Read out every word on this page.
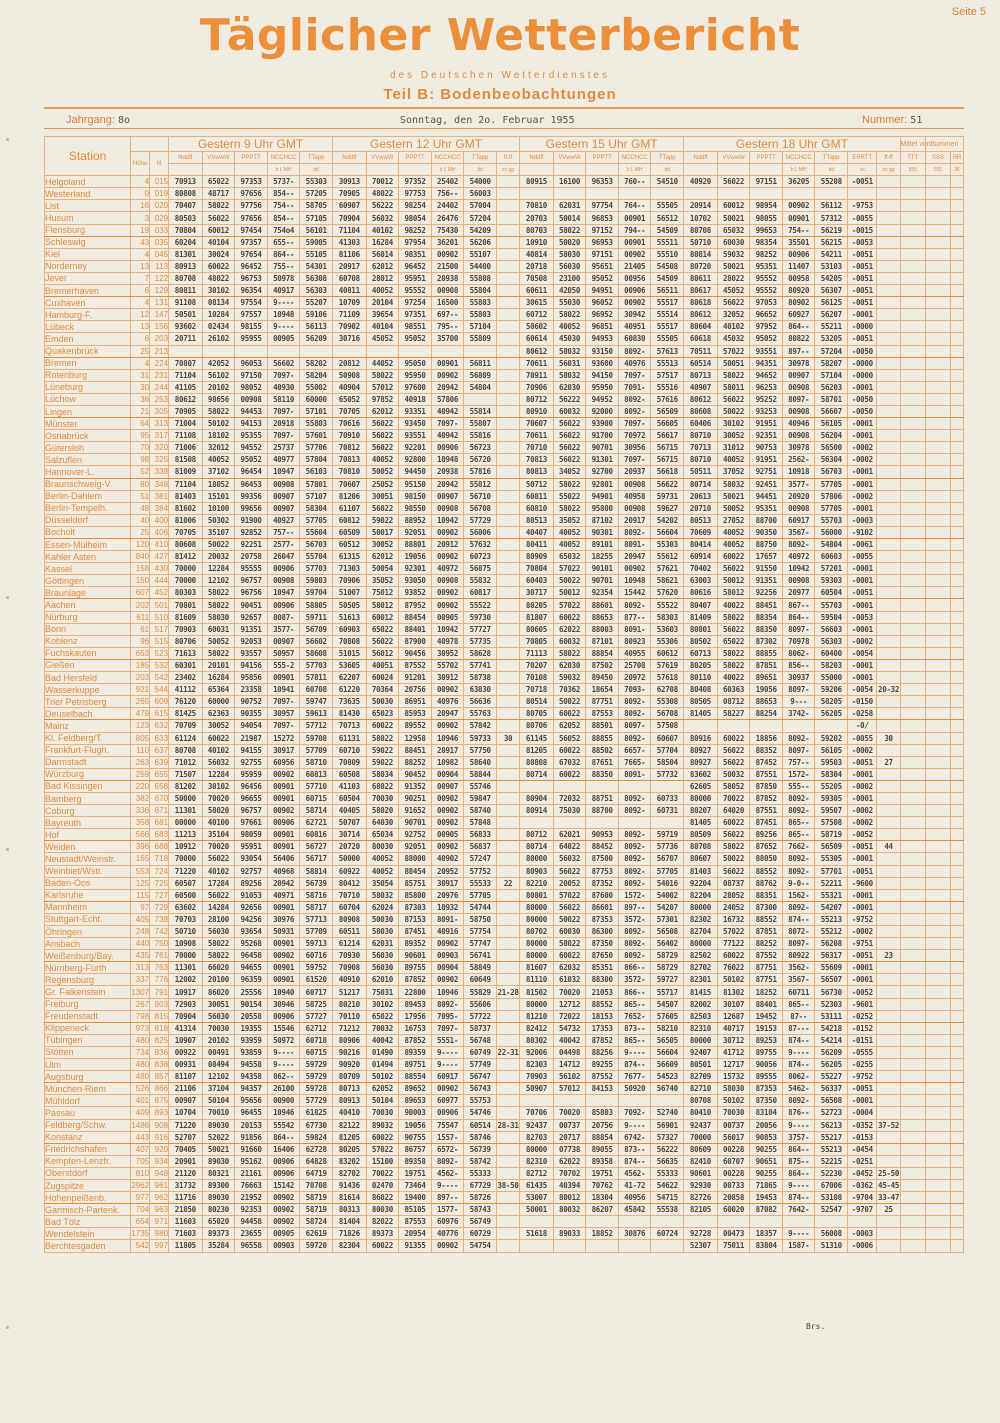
Seite 5
Täglicher Wetterbericht
des Deutschen Wetterdienstes
Teil B: Bodenbeobachtungen
Jahrgang: 8o	Sonntag, den 2o. Februar 1955	Nummer: 51
Station			Gestern 9 Uhr GMT					Gestern 12 Uhr GMT						Gestern 15 Uhr GMT					Gestern 18 Uhr GMT							Mittel vom :	Summen	
	Höhe	III	Nddff	VVwwW	PPPTT	NCCHCC	TTapp	Nddff	VVwwW	PPPTT	NCCHCC	TTapp	ff-ff	Nddff	VVwwW	PPPTT	NCCHCC	TTapp	Nddff	VVwwW	PPPTT	NCCHCC	TTapp	ERRTT	ff-ff	TTT	SSS	RR
						h L MH	dd				h L MH	dd	xx gg				h L MH	dd				h L MH	dd	xx	xx gg	555	555	36
Helgoland	4	015	70913	65022	97353	5737-	55303	30913	70012	97352	25402	54000		80915	16100	96353	760--	54510	40920	56022	97151	36205	55208	-0051				
Westerland	0	019	80808	48717	97656	854--	57205	70905	48022	97753	756--	56003																
List	16	020	70407	58022	97756	754--	58705	60907	56222	98254	24402	57004		70810	62031	97754	764--	55505	20914	60012	98954	00902	56112	-9753				
Husum	3	029	80503	56022	97656	854--	57105	70904	56032	98054	26476	57204		20703	50014	96853	00901	56512	10702	50021	98055	00901	57312	-0055				
Flensburg	19	033	70804	60012	97454	754o4	56101	71104	40102	98252	75430	54209		80703	58022	97152	794--	54509	80708	65032	99653	754--	56219	-0015				
Schleswig	43	035	60204	40104	97357	655--	59005	41303	16284	97954	36201	56206		10910	50020	96953	00901	55511	50710	60030	98354	35501	56215	-0053				
Kiel	4	045	81301	30024	97654	864--	55105	81106	56014	98351	00902	55107		40814	58030	97151	00902	55510	80814	59032	98252	00906	54211	-0051				
Norderney	13	113	80913	60022	96452	755--	54301	20917	62012	96452	21500	54400		20718	56030	95651	21405	54508	80720	50021	95351	11407	53103	-0051				
Jever	7	122	80708	48022	96753	50978	56308	60708	28012	95951	20938	55808		70508	23100	95052	00956	54509	80611	28022	95552	00958	54205	-0051				
Bremerhaven	6	129	80811	30102	96354	40917	56303	40811	40052	95552	00908	55804		60611	42050	94951	00906	56511	80617	45052	95552	80920	56307	-0051				
Cuxhaven	4	131	91108	08134	97554	9----	55207	10709	20104	97254	16500	55803		30615	55030	96052	00902	55517	80618	56022	97053	80902	56125	-0051				
Hamburg-F.	12	147	50501	10284	97557	10948	59106	71109	39654	97351	697--	55803		60712	58022	96952	30942	55514	80612	32052	96652	60927	56207	-0001				
Lübeck	13	156	93602	02434	98155	9----	56113	70902	40104	98551	795--	57104		50602	40052	96851	40951	55517	80604	40102	97952	864--	55211	-0000				
Emden	6	203	20711	26102	95955	00905	56209	30716	45052	95052	35700	55809		60614	45030	94953	60830	55505	60618	45032	95052	80822	53205	-0051				
Quakenbrück	25	213												80612	58032	93150	8092-	57613	70511	57022	93551	897--	57204	-0050				
Bremen	4	224	70807	42052	96053	56602	58202	20812	44052	95050	00901	56811		70611	56031	93600	40976	55513	60514	50051	94351	30978	58207	-0000				
Rotenburg	31	231	71104	56102	97150	7097-	58204	50908	58022	95950	00902	56809		70911	58032	94150	7097-	57517	80713	58022	94652	00907	57104	-0000				
Lüneburg	30	244	41105	20102	98052	40930	55002	40904	57012	97600	20942	54804		70906	62030	95950	7091-	55516	40907	58011	96253	00908	56203	-0001				
Lüchow	36	253	80612	98656	00908	58110	60000	65052	97852	40918	57806			80712	56222	94952	8092-	57616	80612	56022	95252	8097-	58701	-0050				
Lingen	21	305	70905	58022	94453	7097-	57101	70705	62012	93351	40942	55814		80910	60032	92000	8092-	56509	80608	50022	93253	00908	56607	-0050				
Münster	64	313	71004	50102	94153	20918	55803	70616	56022	93450	7097-	55807		70607	56022	93900	7097-	56605	60406	30102	91951	40946	56105	-0001				
Osnabrück	95	317	71108	18102	95355	7097-	57601	70910	56022	93551	40942	55816		70611	56022	91700	70972	56617	80710	30052	92351	00908	56204	-0001				
Gütersloh	70	320	71006	32012	94552	25737	57706	70812	56022	92201	00906	56723		70710	56022	90701	30956	56715	70713	31012	90753	30978	56500	-0002				
Salzuflen	98	325	81508	40052	95052	40977	57804	70813	40052	92800	10948	56720		70813	56022	91301	7097-	56715	80710	40052	91951	2562-	56304	-0002				
Hannover-L.	52	338	81009	37102	96454	10947	56103	70810	50052	94450	20938	57816		80813	34052	92700	20937	56618	50511	37052	92751	10918	56703	-0001				
Braunschweig-V.	80	348	71104	18052	96453	00908	57801	70607	25052	95150	20942	55812		50712	58022	92801	00908	56622	80714	58032	92451	3577-	57705	-0001				
Berlin-Dahlem	51	381	81403	15101	99356	00907	57107	81206	30051	98150	00907	56710		60811	55022	94901	40958	59731	20613	50021	94451	20920	57806	-0002				
Berlin-Tempelh.	48	384	81602	10100	99656	00907	58304	61107	56022	98550	00908	56708		60810	58022	95800	00908	59627	20710	50052	95351	00908	57705	-0001				
Düsseldorf	40	400	81006	50302	91900	40927	57705	60812	59022	88952	10942	57729		80513	35052	87102	20917	54202	80513	27052	88700	60917	55703	-0003				
Bocholt	25	406	70705	35107	92852	757--	55604	60509	50017	92051	00902	56006		40407	40052	90301	8092-	56604	70609	40052	90350	3567-	56000	-9102				
Essen-Mülheim	120	410	80608	50022	92251	2577-	56703	60512	30052	88801	20912	57632		80411	40052	89101	8091-	55303	80414	40052	88750	8092-	54804	-0061				
Kahler Asten	840	427	81412	20032	20758	26047	55704	61315	62012	19056	00902	60723		80909	65032	18255	20947	55612	60914	60022	17657	40972	60603	-0055				
Kassel	158	430	70000	12284	95555	00906	57703	71303	50054	92301	40972	56875		70804	57022	90101	00902	57621	70402	56022	91550	10942	57201	-0001				
Göttingen	150	444	70000	12102	96757	00908	59803	70906	35052	93050	00908	55832		60403	50022	90701	10948	58621	63003	50012	91351	00908	59303	-0001				
Braunlage	607	452	80303	58022	96756	10947	59704	51007	75012	93852	00902	60817		30717	50012	92354	15442	57620	80616	58012	92256	20977	60504	-0051				
Aachen	202	501	70801	58022	90451	00906	58805	50505	58012	87952	00902	55522		80205	57022	88601	8092-	55522	80407	40022	88451	867--	55703	-0001				
Nürburg	611	510	81609	58030	92657	8087-	59711	51613	60012	88454	00905	59730		81807	60022	88653	877--	58303	81409	58022	88354	864--	59504	-0053				
Bonn	61	517	70903	60031	91351	3577-	56709	60903	65022	88401	10942	57727		80605	62022	88003	8091-	53603	80801	56022	88350	8097-	56603	-0001				
Koblenz	96	515	80706	50052	92053	00907	56602	70808	56022	87900	40978	57735		70805	60032	87101	80923	55306	80502	65022	87302	70978	56303	-0002				
Fuchskauten	653	523	71613	58022	93557	50957	58608	51015	56012	90456	30952	58628		71113	58022	88854	40955	60612	60713	58022	88855	8062-	60400	-0054				
Gießen	185	532	60301	20101	94156	555-2	57703	53605	40051	87552	55702	57741		70207	62030	87502	25708	57619	80205	58022	87851	856--	58203	-0001				
Bad Hersfeld	203	542	23402	16284	95856	00901	57811	62207	60024	91201	30912	58738		70108	59032	89450	20972	57618	80110	40022	89651	30937	55000	-0001				
Wasserkuppe	921	544	41112	65364	23358	10941	60708	61220	70364	20756	00902	63830		70718	70362	18654	7093-	62708	80408	60363	19056	8097-	59206	-0054	20-32			
Trier Petrisberg	265	609	76120	60000	90752	7097-	59747	73635	50030	86951	40976	56636		80514	50022	87751	8092-	55308	80505	08712	88653	9---	58205	-0150				
Deuselbach	479	615	81425	62363	90355	30957	59613	81430	65023	85953	20947	55763		80705	60022	87553	8092-	56708	81405	58227	88254	3742-	56205	-0258				
Mainz	123	632	70709	30052	94054	7097-	57712	70713	60022	89552	00902	57842		80706	62052	88501	8097-	57508						-0/				
Kl. Feldberg/T.	805	633	61124	60022	21987	15272	59708	61131	58022	12958	10946	59733	30	61145	56052	88855	8092-	60607	80916	60022	18856	8092-	59202	-0055	30			
Frankfurt-Flugh.	110	637	80708	40102	94155	30917	57709	60710	59022	88451	20917	57750		81205	60022	88502	6657-	57704	80927	56022	88352	8097-	56105	-0002				
Darmstadt	263	639	71012	56032	92755	60956	58710	70809	59022	88252	10982	58640		80808	67032	87651	7665-	58504	80927	56022	87452	757--	59503	-0051	27			
Würzburg	259	655	71507	12284	95959	00902	60813	60508	58034	90452	00904	58844		80714	60022	88350	8091-	57732	83602	50032	87551	1572-	58304	-0001				
Bad Kissingen	220	658	81202	30102	96456	00901	57710	41103	68022	91352	00907	55746							62605	58052	87850	555--	55205	-0002				
Bamberg	382	670	50000	70020	96655	00901	60715	60504	70030	90251	00902	59847		80904	72032	88751	8092-	60733	80000	70022	87852	8092-	59305	-0001				
Coburg	336	671	11301	58020	96757	00902	58714	40405	58020	91652	00902	58740		80914	75030	88700	8092-	60731	80207	64020	87551	8092-	59507	-0002				
Bayreuth	358	681	00000	40100	97661	00906	62721	50707	64030	90701	00902	57848							81405	60022	87451	865--	57508	-0002				
Hof	566	683	11213	35104	98059	00901	60816	30714	65034	92752	00905	56833		80712	62021	90953	8092-	59719	80509	56022	89256	865--	58719	-0052				
Weiden	396	688	10912	70020	95951	00901	56727	20720	80030	92051	00902	56837		80714	64022	88452	8092-	57736	80708	58022	87652	7662-	56509	-0051	44			
Neustadt/Weinstr.	165	718	70000	56022	93054	56406	56717	50000	40052	88000	40902	57247		80000	56032	87500	8092-	56707	80607	50022	88050	8092-	55305	-0001				
Weinbiet/Wstr.	553	724	71220	40102	92757	40968	58814	60922	40052	88454	20952	57752		80903	56022	87753	8092-	57705	81403	56022	88552	8092-	57701	-0051				
Baden-Oos	125	725	60507	17284	89256	20942	56739	80412	35054	85751	30917	55533	22	82210	20052	87352	8092-	54016	92204	08737	88762	9-0--	52211	-9600				
Karlsruhe	115	727	60500	56022	91053	40971	58716	70710	58032	85800	20976	57705		80801	57022	87600	1572-	54002	82204	28052	88351	1562-	55321	-0001				
Mannheim	97	729	63602	14284	92656	00901	58717	60704	62024	87303	10932	54744		80000	56022	86601	897--	54207	80000	24052	87300	8092-	54207	-0001				
Stuttgart-Echt.	405	738	70703	28100	94256	30976	57713	80908	50030	87153	8091-	58750		80000	50022	87353	3572-	57301	82302	16732	88552	874--	55213	-9752				
Öhringen	248	742	50710	56030	93654	50931	57709	60511	58030	87451	40916	57754		80702	60030	86300	8092-	56508	82704	57022	87851	8072-	55212	-0002				
Ansbach	440	750	10908	58022	95268	00901	59713	61214	62031	89352	00902	57747		80000	58022	87350	8092-	56402	80000	77122	88252	8097-	56208	-9751				
Weißenburg/Bay.	435	761	70000	58022	96458	00902	60716	70930	56030	90601	00903	56741		80000	60022	87650	8092-	58729	82502	60022	87552	80922	56317	-0051	23			
Nürnberg-Fürth	313	763	11301	66020	94655	00901	59752	70908	56030	89755	00904	58849		81607	62032	85351	866--	58729	82702	76022	87751	3562-	55609	-0001				
Regensburg	337	776	12002	20100	96359	00901	61520	40910	62010	87852	00902	60649		81110	61032	88300	3572-	59727	82301	50102	87751	3567-	56507	-0001				
Gr. Falkenstein	1307	791	10917	86020	25556	10940	60717	51217	75031	22800	10946	55829	21-28	81502	70020	21053	866--	55717	81415	81302	18252	60711	56730	-0052				
Freiburg	267	803	72903	30051	90154	30946	58725	80210	30102	89453	8092-	55606		80000	12712	88552	865--	54507	82002	30107	88401	865--	52303	-9601				
Freudenstadt	798	815	70904	56030	20558	00906	57727	70110	65022	17956	7095-	57722		81210	72022	18153	7652-	57605	82503	12687	19452	87--	53111	-0252				
Klippeneck	973	818	41314	70030	19355	15546	62712	71212	70032	16753	7097-	58737		82412	54732	17353	873--	58210	82310	40717	19153	87---	54218	-0152				
Tübingen	480	825	10907	20102	93959	50972	60718	80906	40042	87852	5551-	56748		80302	40042	87852	865--	56505	80000	30712	89253	874--	54214	-0151				
Stötten	734	836	00922	00491	93859	9----	60715	90216	01490	89359	9----	60749	22-31	92006	04498	88256	9----	56604	92407	41712	89755	9----	56209	-0555				
Ulm	480	838	00931	08494	94558	9----	59729	90920	01494	89751	9----	57749		82303	14712	89255	874--	56609	80501	12717	90056	874--	56205	-0255				
Augsburg	480	857	81107	12102	94358	862--	59729	80709	50102	88554	60917	56747		70903	56102	87552	7677-	54523	82709	15732	89555	8062-	55227	-9752				
München-Riem	526	866	21106	37104	94357	26100	59728	80713	62052	89652	00902	56743		50907	57012	84153	50920	56740	82710	58030	87353	5462-	56337	-0051				
Mühldorf	401	875	00907	50104	95656	00900	57729	80913	50104	89653	60977	55753							80708	50102	87350	8092-	56508	-0001				
Passau	409	893	10704	70010	96455	10946	61825	40410	70030	90003	00906	54746		70706	70020	85803	7092-	52740	80410	70030	83104	876--	52723	-0004				
Feldberg/Schw.	1486	908	71220	89030	20153	55542	67730	82122	89032	19056	75547	60514	28-31	92437	00737	20756	9----	56901	92437	00737	20056	9----	56213	-0352	37-52			
Konstanz	443	916	52707	52022	91856	864--	59824	81205	60022	90755	1557-	58746		82703	20717	88854	6742-	57327	70000	56017	90853	3757-	55217	-0153				
Friedrichshafen	407	920	70405	50021	91660	16406	62728	80205	57022	86757	6572-	56739		80000	07738	89055	873--	56222	80609	00228	90255	864--	55213	-0454				
Kempten-Lenzfr.	705	934	20901	89030	95162	00906	64828	83202	15100	89358	8092-	58742		82310	62022	89358	874--	56635	82410	60707	90651	875--	52215	-0251				
Oberstdorf	810	948	21120	80321	21161	00906	64719	82702	70022	19751	4562-	55333		82712	70702	19751	4562-	55333	90601	00228	90255	864--	52230	-0452	25-50			
Zugspitze	2962	961	31732	89300	76663	15142	70708	91436	02470	73464	9----	67729	38-50	61435	40394	70762	41-72	54622	92930	00733	71865	9----	67006	-0362	45-45			
Hohenpeißenb.	977	962	11716	89030	21952	00902	58719	81614	86022	19400	897--	58726		53007	80012	18304	40956	54715	82726	20858	19453	874--	53108	-9704	33-47			
Garmisch-Partenk.	704	963	21850	80230	92353	00902	58719	80313	80030	85105	1577-	58743		50001	80032	86207	45842	55538	82105	60020	87082	7642-	52547	-9707	25			
Bad Tölz	654	971	11603	65020	94458	00902	58724	81404	82022	87553	60976	56749																
Wendelstein	1735	980	71603	89373	23655	00905	62619	71826	89373	20954	40776	60729		51618	89033	18852	30876	60724	92728	00473	18357	9----	56008	-0003				
Berchtesgaden	542	997	11805	35284	96558	00903	59720	82304	60022	91355	00902	54754							52307	75011	83804	1587-	51310	-0006				
Brs.
